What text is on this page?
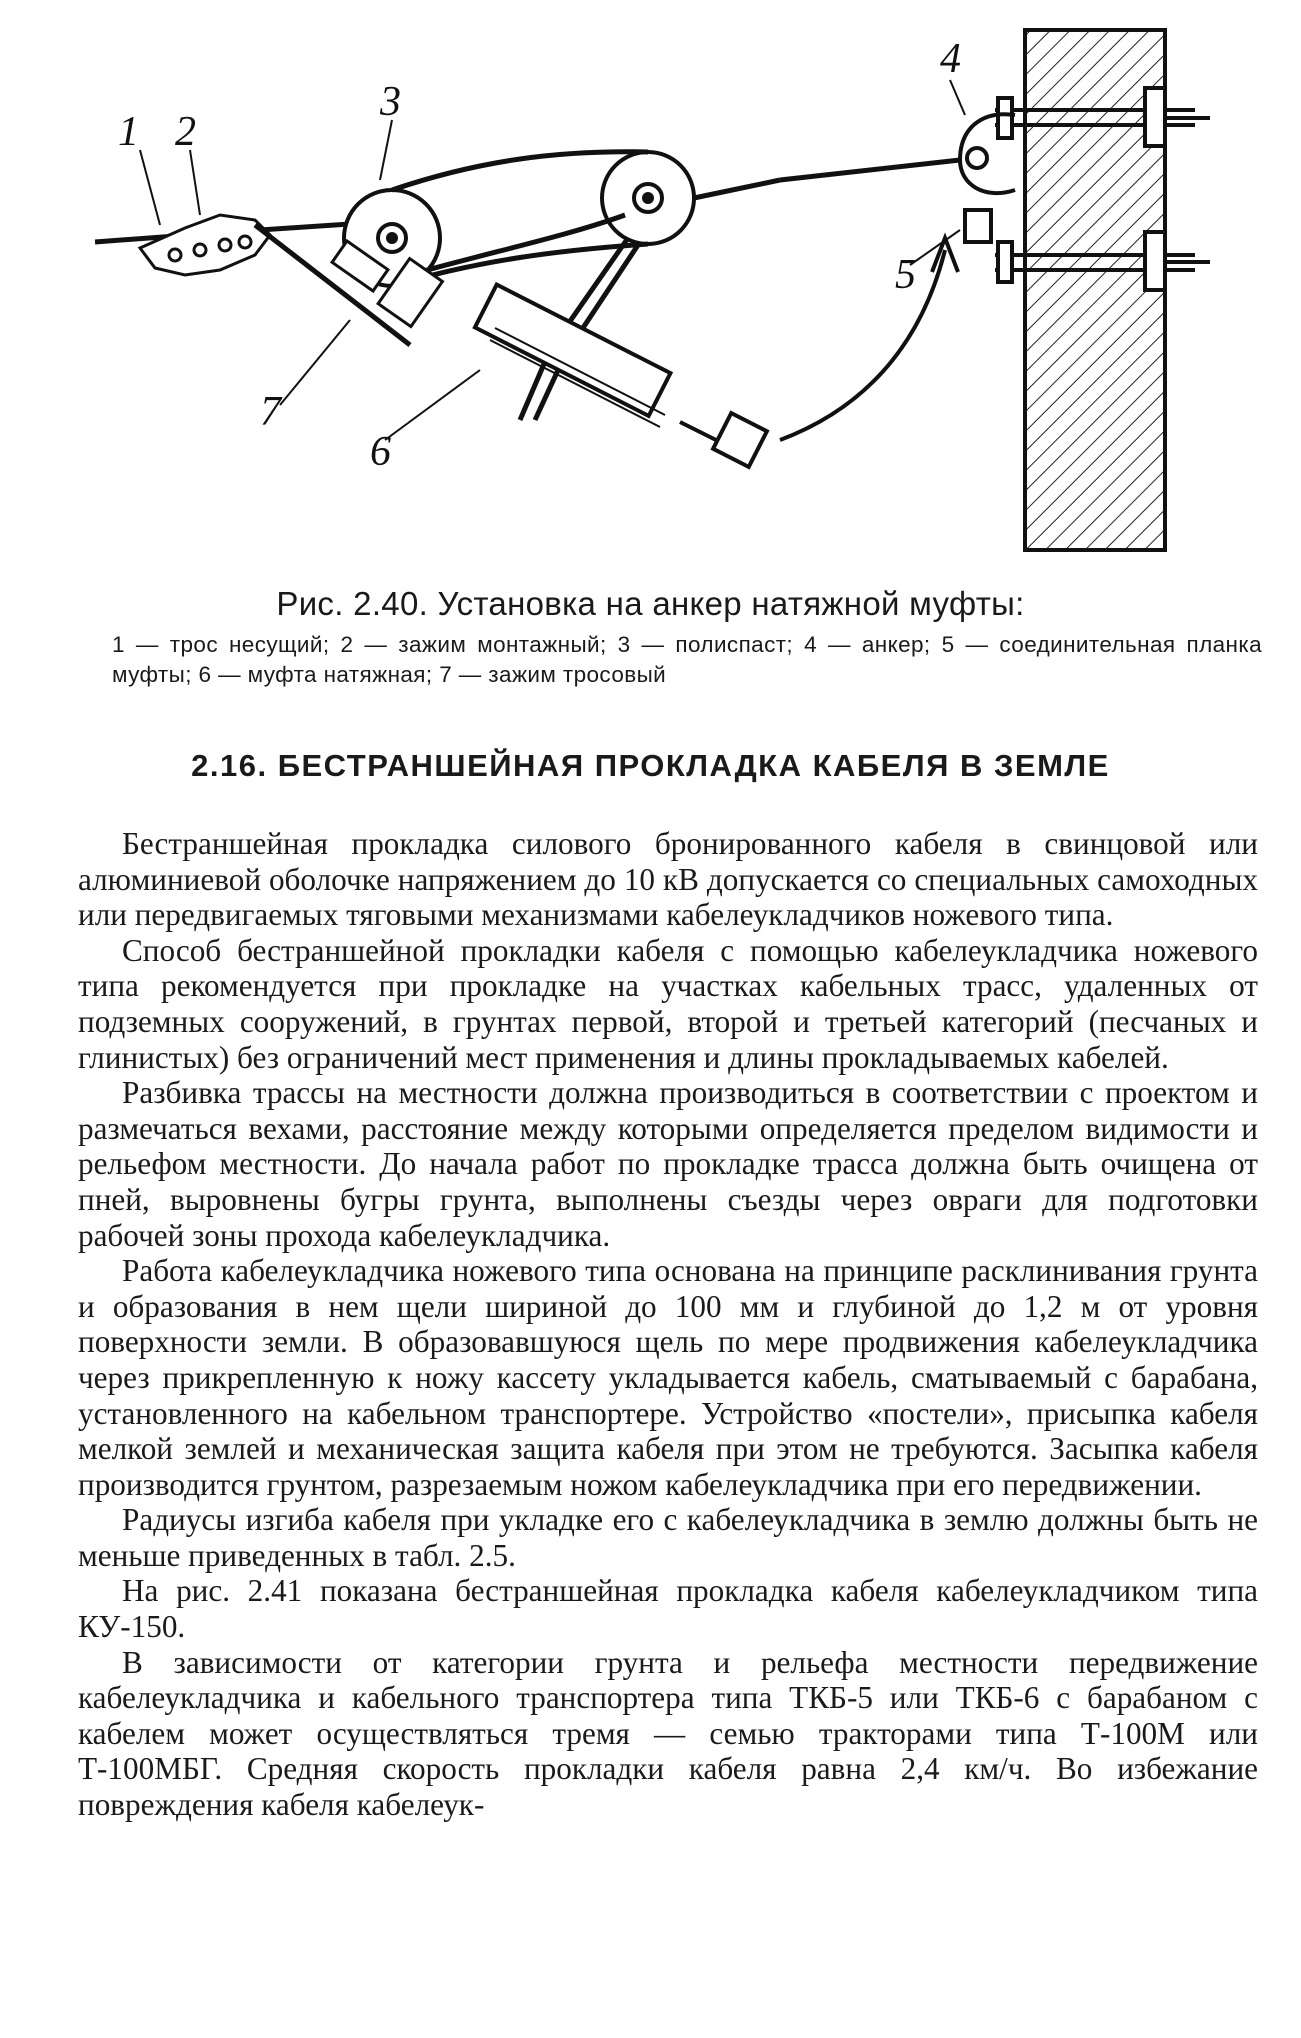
1 2
3
4
5
6
7
Рис. 2.40. Установка на анкер натяжной муфты:
1 — трос несущий; 2 — зажим монтажный; 3 — полиспаст; 4 — анкер; 5 — соединительная планка муфты; 6 — муфта натяжная; 7 — зажим тросовый
2.16. БЕСТРАНШЕЙНАЯ ПРОКЛАДКА КАБЕЛЯ В ЗЕМЛЕ

Бестраншейная прокладка силового бронированного кабеля в свинцовой или алюминиевой оболочке напряжением до 10 кВ допускается со специальных самоходных или передвигаемых тяговыми механизмами кабелеукладчиков ножевого типа.

Способ бестраншейной прокладки кабеля с помощью кабелеукладчика ножевого типа рекомендуется при прокладке на участках кабельных трасс, удаленных от подземных сооружений, в грунтах первой, второй и третьей категорий (песчаных и глинистых) без ограничений мест применения и длины прокладываемых кабелей.

Разбивка трассы на местности должна производиться в соответствии с проектом и размечаться вехами, расстояние между которыми определяется пределом видимости и рельефом местности. До начала работ по прокладке трасса должна быть очищена от пней, выровнены бугры грунта, выполнены съезды через овраги для подготовки рабочей зоны прохода кабелеукладчика.

Работа кабелеукладчика ножевого типа основана на принципе расклинивания грунта и образования в нем щели шириной до 100 мм и глубиной до 1,2 м от уровня поверхности земли. В образовавшуюся щель по мере продвижения кабелеукладчика через прикрепленную к ножу кассету укладывается кабель, сматываемый с барабана, установленного на кабельном транспортере. Устройство «постели», присыпка кабеля мелкой землей и механическая защита кабеля при этом не требуются. Засыпка кабеля производится грунтом, разрезаемым ножом кабелеукладчика при его передвижении.

Радиусы изгиба кабеля при укладке его с кабелеукладчика в землю должны быть не меньше приведенных в табл. 2.5.

На рис. 2.41 показана бестраншейная прокладка кабеля кабелеукладчиком типа КУ-150.

В зависимости от категории грунта и рельефа местности передвижение кабелеукладчика и кабельного транспортера типа ТКБ-5 или ТКБ-6 с барабаном с кабелем может осуществляться тремя — семью тракторами типа Т-100М или Т-100МБГ. Средняя скорость прокладки кабеля равна 2,4 км/ч. Во избежание повреждения кабеля кабелеук-
